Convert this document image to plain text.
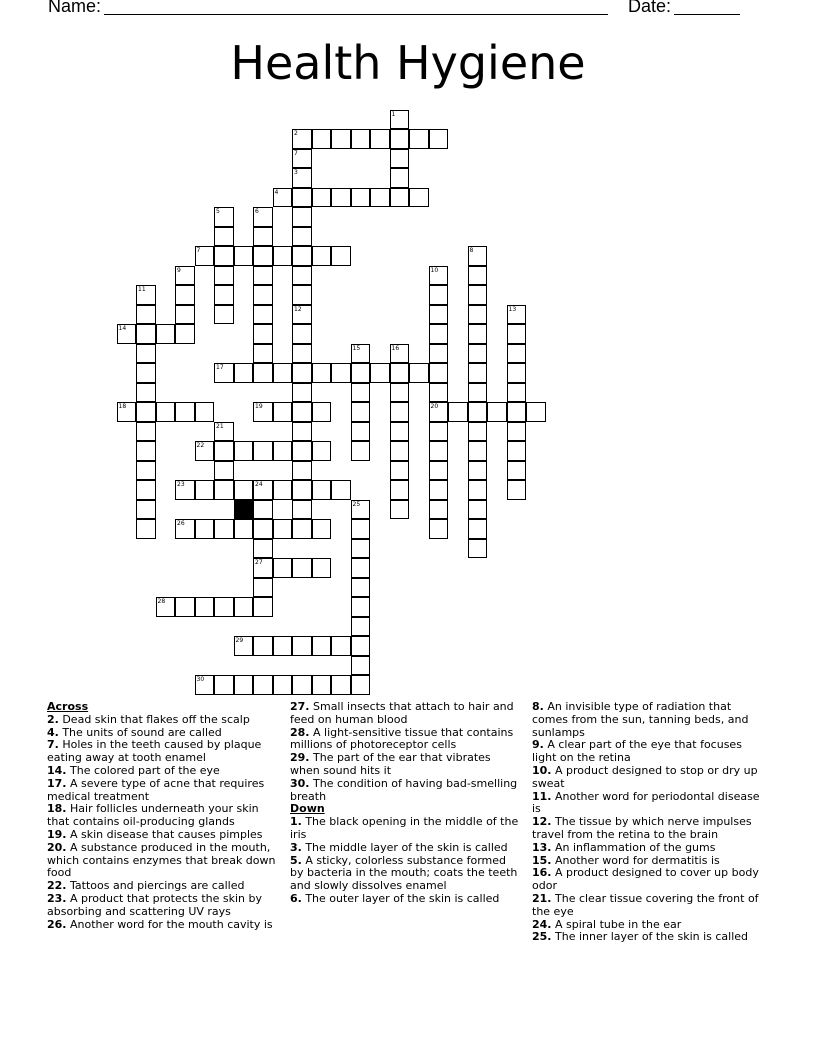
Name:	Date:
Health Hygiene
2
4
7
14
17
18	19	20
22
23	24
26
27
28
29
30
1
3
5	6
8
9	10
11
12	13
15	16
21
25
7
Across
2. Dead skin that flakes off the scalp
4. The units of sound are called
7. Holes in the teeth caused by plaque eating away at tooth enamel
14. The colored part of the eye
17. A severe type of acne that requires medical treatment
18. Hair follicles underneath your skin that contains oil-producing glands
19. A skin disease that causes pimples
20. A substance produced in the mouth, which contains enzymes that break down food
22. Tattoos and piercings are called
23. A product that protects the skin by absorbing and scattering UV rays
26. Another word for the mouth cavity is
27. Small insects that attach to hair and feed on human blood
28. A light-sensitive tissue that contains millions of photoreceptor cells
29. The part of the ear that vibrates when sound hits it
30. The condition of having bad-smelling breath
Down
1. The black opening in the middle of the iris
3. The middle layer of the skin is called
5. A sticky, colorless substance formed by bacteria in the mouth; coats the teeth and slowly dissolves enamel
6. The outer layer of the skin is called
8. An invisible type of radiation that comes from the sun, tanning beds, and sunlamps
9. A clear part of the eye that focuses light on the retina
10. A product designed to stop or dry up sweat
11. Another word for periodontal disease is
12. The tissue by which nerve impulses travel from the retina to the brain
13. An inflammation of the gums
15. Another word for dermatitis is
16. A product designed to cover up body odor
21. The clear tissue covering the front of the eye
24. A spiral tube in the ear
25. The inner layer of the skin is called
